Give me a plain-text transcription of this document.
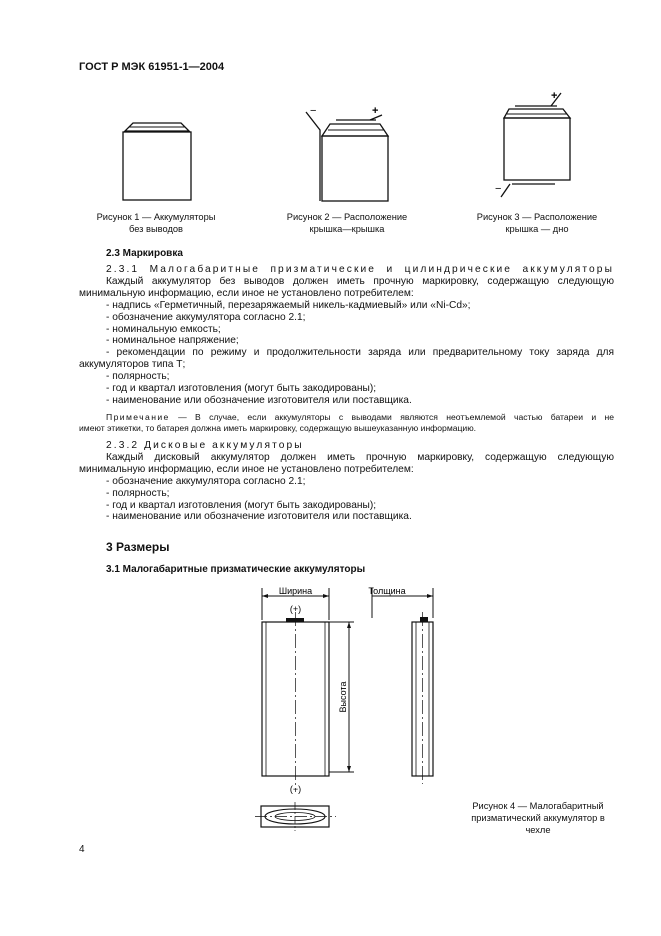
ГОСТ Р МЭК 61951-1—2004
Рисунок 1 — Аккумуляторы
без выводов
−	+
Рисунок 2 — Расположение
крышка—крышка
+
−
Рисунок 3 — Расположение
крышка — дно
2.3 Маркировка
2.3.1 Малогабаритные призматические и цилиндрические аккумуляторы
Каждый аккумулятор без выводов должен иметь прочную маркировку, содержащую следующую
минимальную информацию, если иное не установлено потребителем:
- надпись «Герметичный, перезаряжаемый никель-кадмиевый» или «Ni-Cd»;
- обозначение аккумулятора согласно 2.1;
- номинальную емкость;
- номинальное напряжение;
- рекомендации по режиму и продолжительности заряда или предварительному току заряда для
аккумуляторов типа Т;
- полярность;
- год и квартал изготовления (могут быть закодированы);
- наименование или обозначение изготовителя или поставщика.
Примечание — В случае, если аккумуляторы с выводами являются неотъемлемой частью батареи и не
имеют этикетки, то батарея должна иметь маркировку, содержащую вышеуказанную информацию.
2.3.2 Дисковые аккумуляторы
Каждый дисковый аккумулятор должен иметь прочную маркировку, содержащую следующую
минимальную информацию, если иное не установлено потребителем:
- обозначение аккумулятора согласно 2.1;
- полярность;
- год и квартал изготовления (могут быть закодированы);
- наименование или обозначение изготовителя или поставщика.
3 Размеры
3.1 Малогабаритные призматические аккумуляторы
Ширина
(+)
(−)
Высота
Толщина
Рисунок 4 — Малогабаритный
призматический аккумулятор в
чехле
4
